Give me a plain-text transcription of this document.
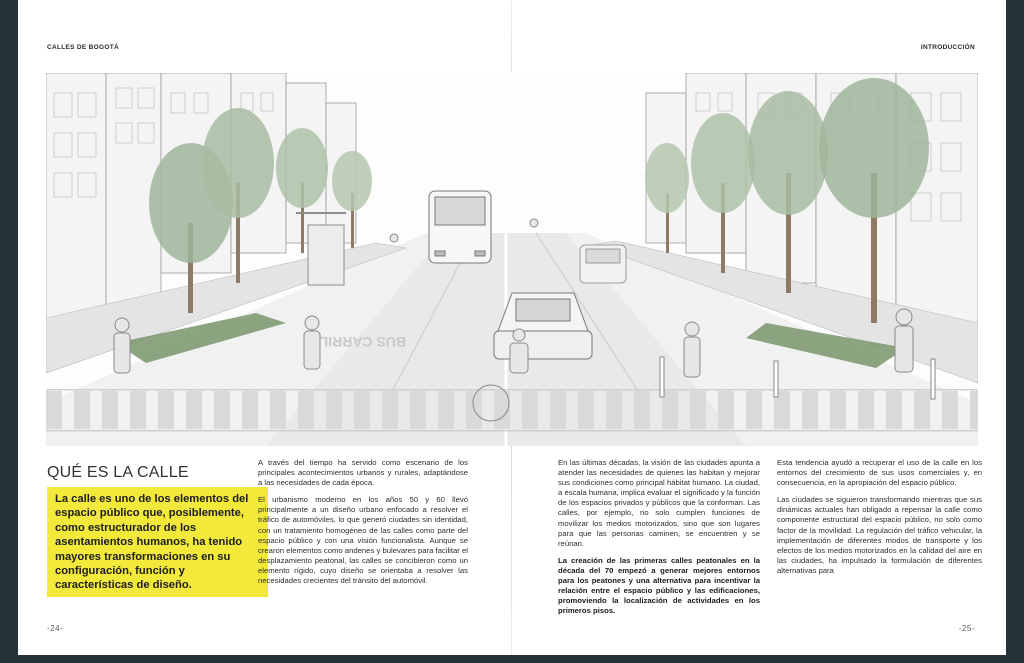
CALLES DE BOGOTÁ	INTRODUCCIÓN
BUS CARRIL
QUÉ ES LA CALLE

La calle es uno de los elementos del espacio público que, posiblemente, como estructurador de los asentamientos humanos, ha tenido mayores transformaciones en su configuración, función y características de diseño.

A través del tiempo ha servido como escenario de los principales acontecimientos urbanos y rurales, adaptándose a las necesidades de cada época.

El urbanismo moderno en los años 50 y 60 llevó principalmente a un diseño urbano enfocado a resolver el tráfico de automóviles, lo que generó ciudades sin identidad, con un tratamiento homogéneo de las calles como parte del espacio público y con una visión funcionalista. Aunque se crearon elementos como andenes y bulevares para facilitar el desplazamiento peatonal, las calles se concibieron como un elemento rígido, cuyo diseño se orientaba a resolver las necesidades crecientes del tránsito del automóvil.

En las últimas décadas, la visión de las ciudades apunta a atender las necesidades de quienes las habitan y mejorar sus condiciones como principal hábitat humano. La ciudad, a escala humana, implica evaluar el significado y la función de los espacios privados y públicos que la conforman. Las calles, por ejemplo, no solo cumplen funciones de movilizar los medios motorizados, sino que son lugares para que las personas caminen, se encuentren y se reúnan.

La creación de las primeras calles peatonales en la década del 70 empezó a generar mejores entornos para los peatones y una alternativa para incentivar la relación entre el espacio público y las edificaciones, promoviendo la localización de actividades en los primeros pisos.

Esta tendencia ayudó a recuperar el uso de la calle en los entornos del crecimiento de sus usos comerciales y, en consecuencia, en la apropiación del espacio público.

Las ciudades se siguieron transformando mientras que sus dinámicas actuales han obligado a repensar la calle como componente estructural del espacio público, no solo como factor de la movilidad. La regulación del tráfico vehicular, la implementación de diferentes modos de transporte y los efectos de los medios motorizados en la calidad del aire en las ciudades, ha impulsado la formulación de diferentes alternativas para

-24-	-25-
